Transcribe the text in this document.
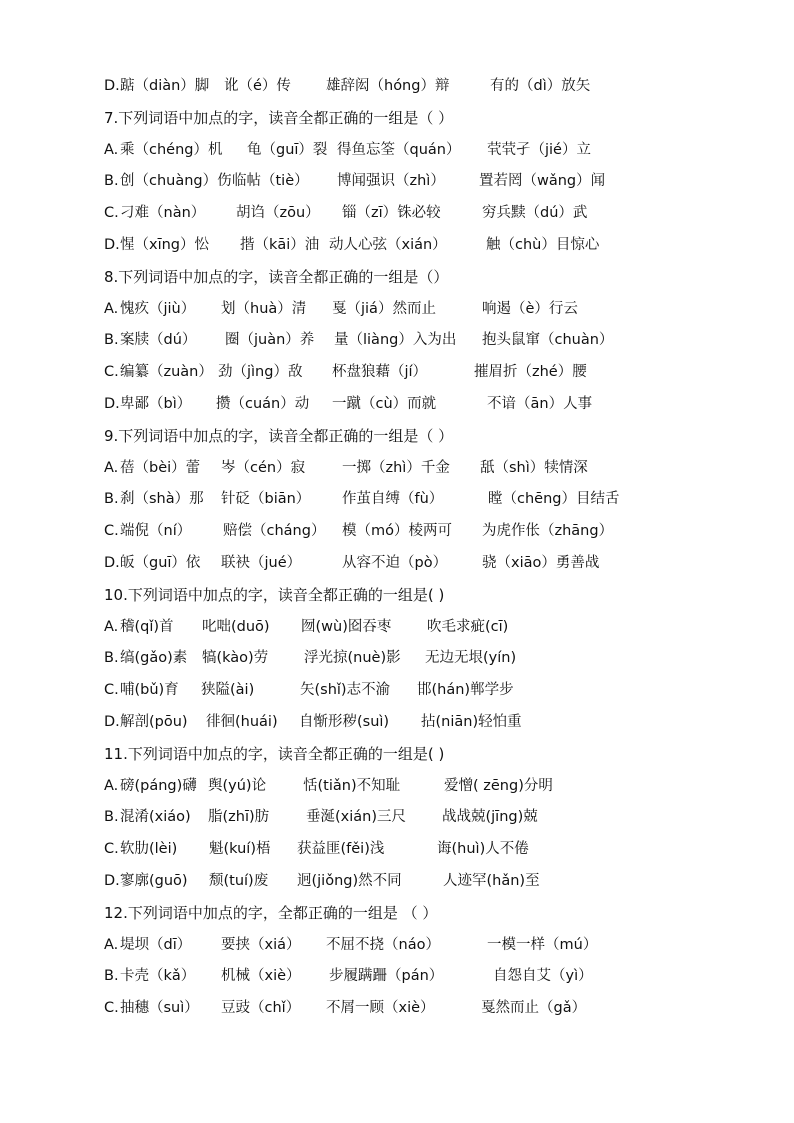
D. 踮（diàn）脚 讹（é）传 雄辞闳（hóng）辩	有的（dì）放矢
7.下列词语中加点的字，读音全都正确的一组是（ ）
A. 乘（chéng）机 龟（guī）裂 得鱼忘筌（quán） 茕茕孑（jié）立
B. 创（chuàng）伤 临帖（tiè） 博闻强识（zhì） 置若罔（wǎng）闻
C. 刁难（nàn） 胡诌（zōu） 锱（zī）铢必较	穷兵黩（dú）武
D. 惺（xīng）忪 揩（kāi）油 动人心弦（xián）	触（chù）目惊心
8.下列词语中加点的字，读音全都正确的一组是（）
A. 愧疚（jiù） 划（huà）清 戛（jiá）然而止	响遏（è）行云
B. 案牍（dú） 圈（juàn）养 量（liàng）入为出 抱头鼠窜（chuàn）
C. 编纂（zuàn） 劲（jìng）敌 杯盘狼藉（jí）	摧眉折（zhé）腰
D. 卑鄙（bì） 攒（cuán）动 一蹴（cù）而就	不谙（ān）人事
9.下列词语中加点的字，读音全都正确的一组是（ ）
A. 蓓（bèi）蕾 岑（cén）寂	一掷（zhì）千金 舐（shì）犊情深
B. 刹（shà）那 针砭（biān） 作茧自缚（fù）	瞠（chēng）目结舌
C. 端倪（ní） 赔偿（cháng） 模（mó）棱两可 为虎作伥（zhāng）
D. 皈（guī）依 联袂（jué）	从容不迫（pò） 骁（xiāo）勇善战
10.下列词语中加点的字，读音全都正确的一组是( )
A. 稽(qǐ)首 叱咄(duō) 囫(wù)囵吞枣 吹毛求疵(cī)
B. 缟(gǎo)素 犒(kào)劳 浮光掠(nuè)影 无边无垠(yín)
C. 哺(bǔ)育 狭隘(ài)	矢(shǐ)志不渝 邯(hán)郸学步
D. 解剖(pōu) 徘徊(huái) 自惭形秽(suì) 拈(niān)轻怕重
11.下列词语中加点的字，读音全都正确的一组是( )
A. 磅(páng)礴 舆(yú)论	恬(tiǎn)不知耻	爱憎( zēng)分明
B. 混淆(xiáo) 脂(zhī)肪	垂涎(xián)三尺 战战兢(jīng)兢
C. 软肋(lèi) 魁(kuí)梧 获益匪(fěi)浅	诲(huì)人不倦
D. 寥廓(guō) 颓(tuí)废 迥(jiǒng)然不同	人迹罕(hǎn)至
12.下列词语中加点的字，全都正确的一组是 （ ）
A. 堤坝（dī） 要挟（xiá） 不屈不挠（náo）	一模一样（mú）
B. 卡壳（kǎ） 机械（xiè） 步履蹒跚（pán）	自怨自艾（yì）
C. 抽穗（suì） 豆豉（chǐ） 不屑一顾（xiè）	戛然而止（gǎ）
